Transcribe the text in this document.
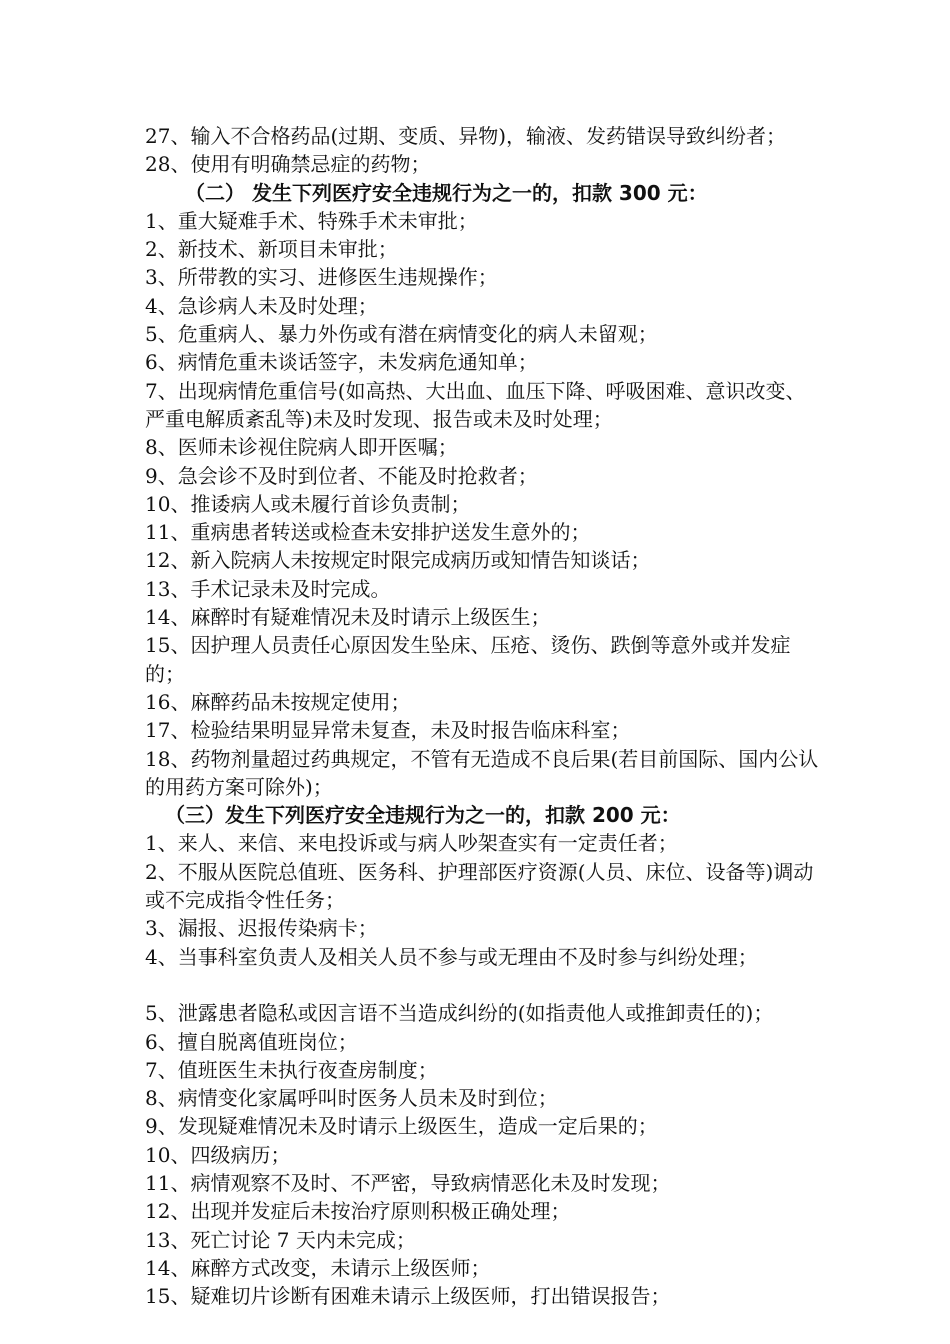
27、输入不合格药品(过期、变质、异物)，输液、发药错误导致纠纷者；
28、使用有明确禁忌症的药物；
（二） 发生下列医疗安全违规行为之一的，扣款 300 元：
1、重大疑难手术、特殊手术未审批；
2、新技术、新项目未审批；
3、所带教的实习、进修医生违规操作；
4、急诊病人未及时处理；
5、危重病人、暴力外伤或有潜在病情变化的病人未留观；
6、病情危重未谈话签字，未发病危通知单；
7、出现病情危重信号(如高热、大出血、血压下降、呼吸困难、意识改变、严重电解质紊乱等)未及时发现、报告或未及时处理；
8、医师未诊视住院病人即开医嘱；
9、急会诊不及时到位者、不能及时抢救者；
10、推诿病人或未履行首诊负责制；
11、重病患者转送或检查未安排护送发生意外的；
12、新入院病人未按规定时限完成病历或知情告知谈话；
13、手术记录未及时完成。
14、麻醉时有疑难情况未及时请示上级医生；
15、因护理人员责任心原因发生坠床、压疮、烫伤、跌倒等意外或并发症的；
16、麻醉药品未按规定使用；
17、检验结果明显异常未复查，未及时报告临床科室；
18、药物剂量超过药典规定，不管有无造成不良后果(若目前国际、国内公认的用药方案可除外)；
（三）发生下列医疗安全违规行为之一的，扣款 200 元：
1、来人、来信、来电投诉或与病人吵架查实有一定责任者；
2、不服从医院总值班、医务科、护理部医疗资源(人员、床位、设备等)调动或不完成指令性任务；
3、漏报、迟报传染病卡；
4、当事科室负责人及相关人员不参与或无理由不及时参与纠纷处理；
5、泄露患者隐私或因言语不当造成纠纷的(如指责他人或推卸责任的)；
6、擅自脱离值班岗位；
7、值班医生未执行夜查房制度；
8、病情变化家属呼叫时医务人员未及时到位；
9、发现疑难情况未及时请示上级医生，造成一定后果的；
10、四级病历；
11、病情观察不及时、不严密，导致病情恶化未及时发现；
12、出现并发症后未按治疗原则积极正确处理；
13、死亡讨论 7 天内未完成；
14、麻醉方式改变，未请示上级医师；
15、疑难切片诊断有困难未请示上级医师，打出错误报告；
